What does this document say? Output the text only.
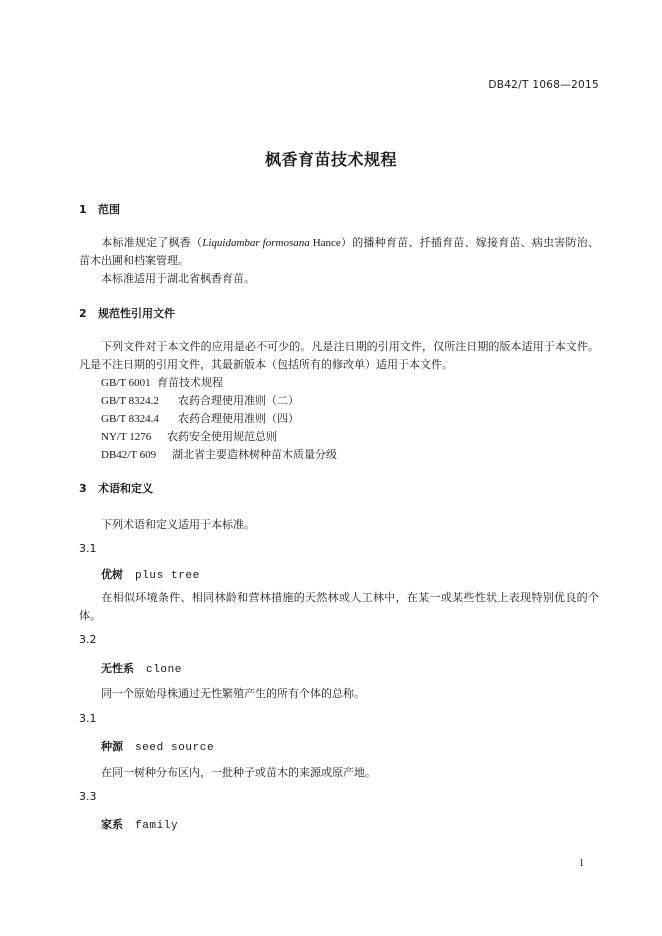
DB42/T 1068—2015
枫香育苗技术规程
1 范围
本标准规定了枫香（Liquidambar formosana Hance）的播种育苗、扦插育苗、嫁接育苗、病虫害防治、苗木出圃和档案管理。
本标准适用于湖北省枫香育苗。
2 规范性引用文件
下列文件对于本文件的应用是必不可少的。凡是注日期的引用文件，仅所注日期的版本适用于本文件。凡是不注日期的引用文件，其最新版本（包括所有的修改单）适用于本文件。
GB/T 6001 育苗技术规程
GB/T 8324.2 农药合理使用准则（二）
GB/T 8324.4 农药合理使用准则（四）
NY/T 1276 农药安全使用规范总则
DB42/T 609 湖北省主要造林树种苗木质量分级
3 术语和定义
下列术语和定义适用于本标准。
3.1
优树 plus tree
在相似环境条件、相同林龄和营林措施的天然林或人工林中，在某一或某些性状上表现特别优良的个体。
3.2
无性系 clone
同一个原始母株通过无性繁殖产生的所有个体的总称。
3.1
种源 seed source
在同一树种分布区内，一批种子或苗木的来源或原产地。
3.3
家系 family
1
